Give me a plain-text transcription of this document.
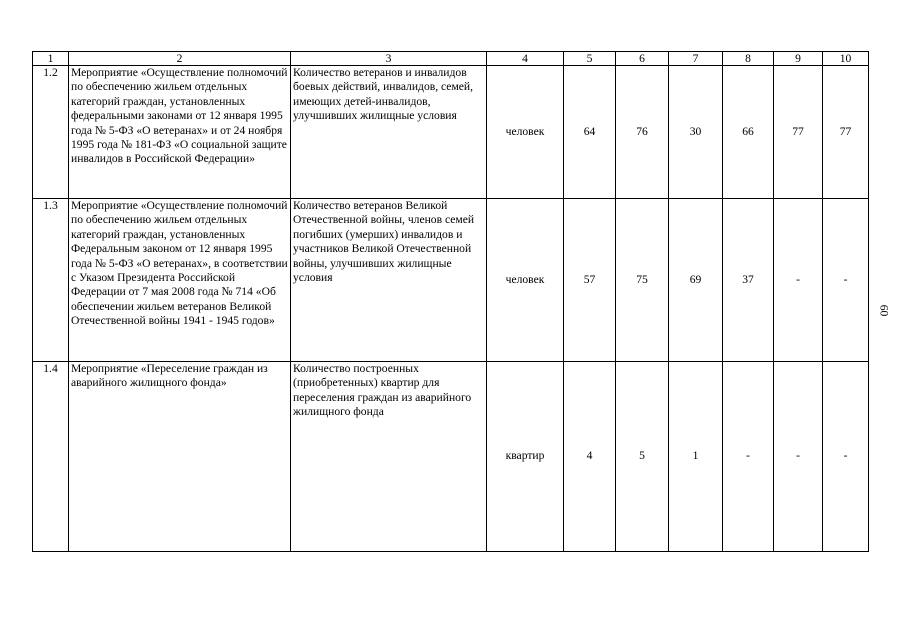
1	2	3	4	5	6	7	8	9	10
1.2	Мероприятие «Осуществление полномочий по обеспечению жильем отдельных категорий граждан, установленных федеральными законами от 12 января 1995 года № 5-ФЗ «О ветеранах» и от 24 ноября 1995 года № 181-ФЗ «О социальной защите инвалидов в Российской Федерации»	Количество ветеранов и инвалидов боевых действий, инвалидов, семей, имеющих детей-инвалидов, улучшивших жилищные условия	человек	64	76	30	66	77	77
1.3	Мероприятие «Осуществление полномочий по обеспечению жильем отдельных категорий граждан, установленных Федеральным законом от 12 января 1995 года № 5-ФЗ «О ветеранах», в соответствии с Указом Президента Российской Федерации от 7 мая 2008 года № 714 «Об обеспечении жильем ветеранов Великой Отечественной войны 1941 - 1945 годов»	Количество ветеранов Великой Отечественной войны, членов семей погибших (умерших) инвалидов и участников Великой Отечественной войны, улучшивших жилищные условия	человек	57	75	69	37	-	-
1.4	Мероприятие «Переселение граждан из аварийного жилищного фонда»	Количество построенных (приобретенных) квартир для переселения граждан из аварийного жилищного фонда	квартир	4	5	1	-	-	-
60
